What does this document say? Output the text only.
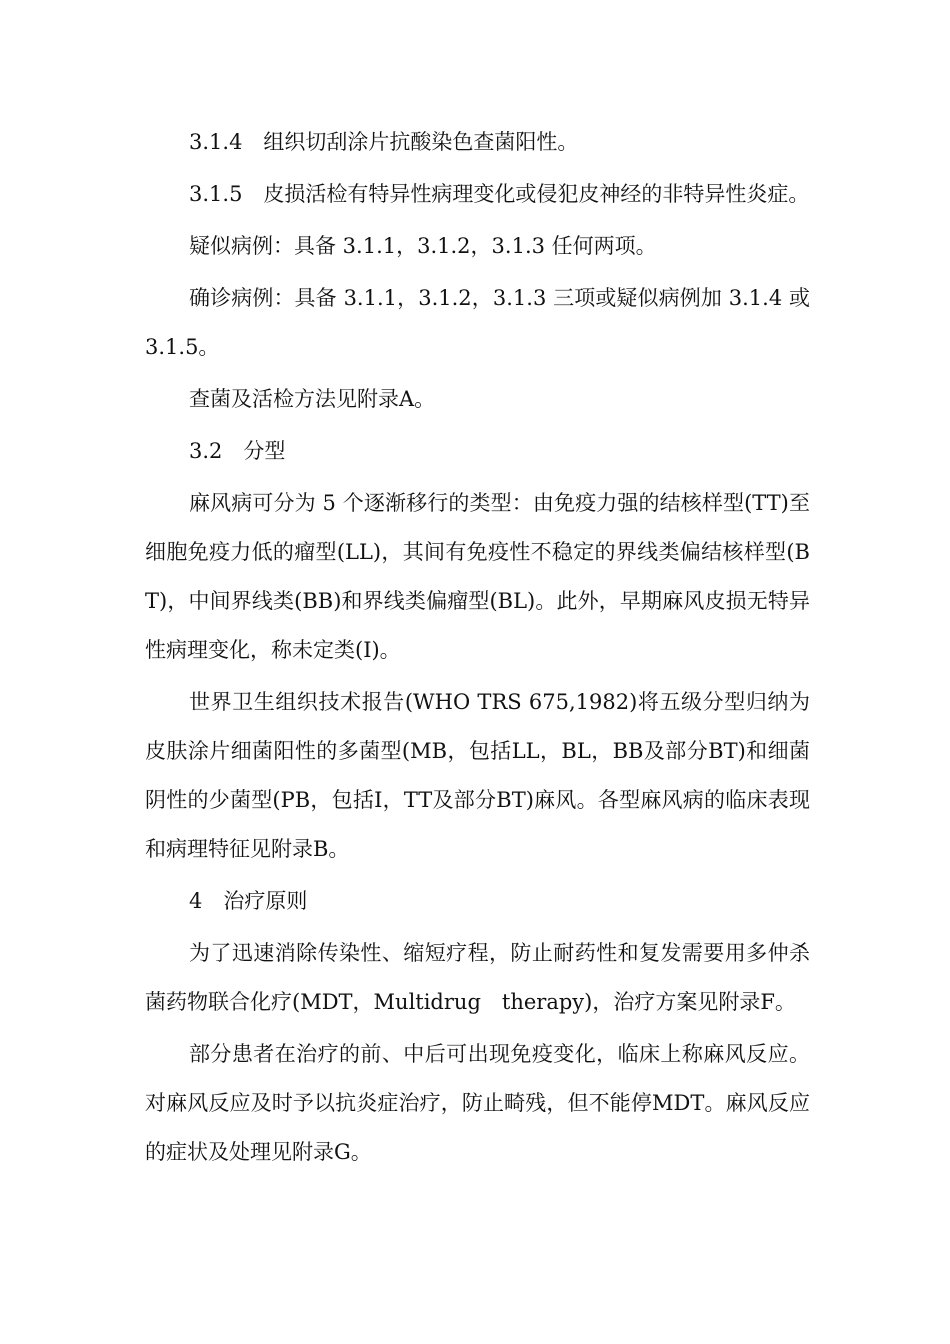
3.1.4　组织切刮涂片抗酸染色查菌阳性。

3.1.5　皮损活检有特异性病理变化或侵犯皮神经的非特异性炎症。

疑似病例：具备 3.1.1，3.1.2，3.1.3 任何两项。

确诊病例：具备 3.1.1，3.1.2，3.1.3 三项或疑似病例加 3.1.4 或 3.1.5。

查菌及活检方法见附录A。

3.2　分型

麻风病可分为 5 个逐渐移行的类型：由免疫力强的结核样型(TT)至细胞免疫力低的瘤型(LL)，其间有免疫性不稳定的界线类偏结核样型(BT)，中间界线类(BB)和界线类偏瘤型(BL)。此外，早期麻风皮损无特异性病理变化，称未定类(I)。

世界卫生组织技术报告(WHO TRS 675,1982)将五级分型归纳为皮肤涂片细菌阳性的多菌型(MB，包括LL，BL，BB及部分BT)和细菌阴性的少菌型(PB，包括I，TT及部分BT)麻风。各型麻风病的临床表现和病理特征见附录B。

4　治疗原则

为了迅速消除传染性、缩短疗程，防止耐药性和复发需要用多仲杀菌药物联合化疗(MDT，Multidrug　therapy)，治疗方案见附录F。

部分患者在治疗的前、中后可出现免疫变化，临床上称麻风反应。对麻风反应及时予以抗炎症治疗，防止畸残，但不能停MDT。麻风反应的症状及处理见附录G。
